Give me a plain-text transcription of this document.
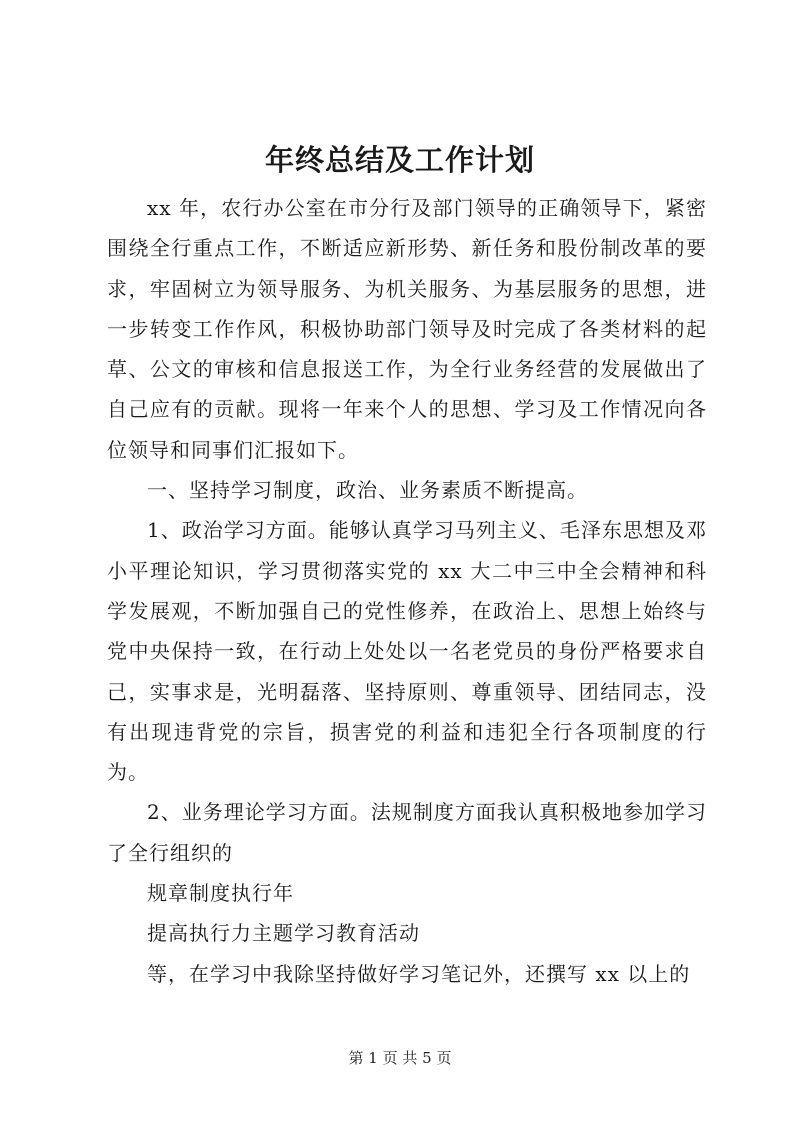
年终总结及工作计划

xx 年，农行办公室在市分行及部门领导的正确领导下，紧密围绕全行重点工作，不断适应新形势、新任务和股份制改革的要求，牢固树立为领导服务、为机关服务、为基层服务的思想，进一步转变工作作风，积极协助部门领导及时完成了各类材料的起草、公文的审核和信息报送工作，为全行业务经营的发展做出了自己应有的贡献。现将一年来个人的思想、学习及工作情况向各位领导和同事们汇报如下。

一、坚持学习制度，政治、业务素质不断提高。

1、政治学习方面。能够认真学习马列主义、毛泽东思想及邓小平理论知识，学习贯彻落实党的 xx 大二中三中全会精神和科学发展观，不断加强自己的党性修养，在政治上、思想上始终与党中央保持一致，在行动上处处以一名老党员的身份严格要求自己，实事求是，光明磊落、坚持原则、尊重领导、团结同志，没有出现违背党的宗旨，损害党的利益和违犯全行各项制度的行为。

2、业务理论学习方面。法规制度方面我认真积极地参加学习了全行组织的

规章制度执行年

提高执行力主题学习教育活动

等，在学习中我除坚持做好学习笔记外，还撰写 xx 以上的

第 1 页 共 5 页
